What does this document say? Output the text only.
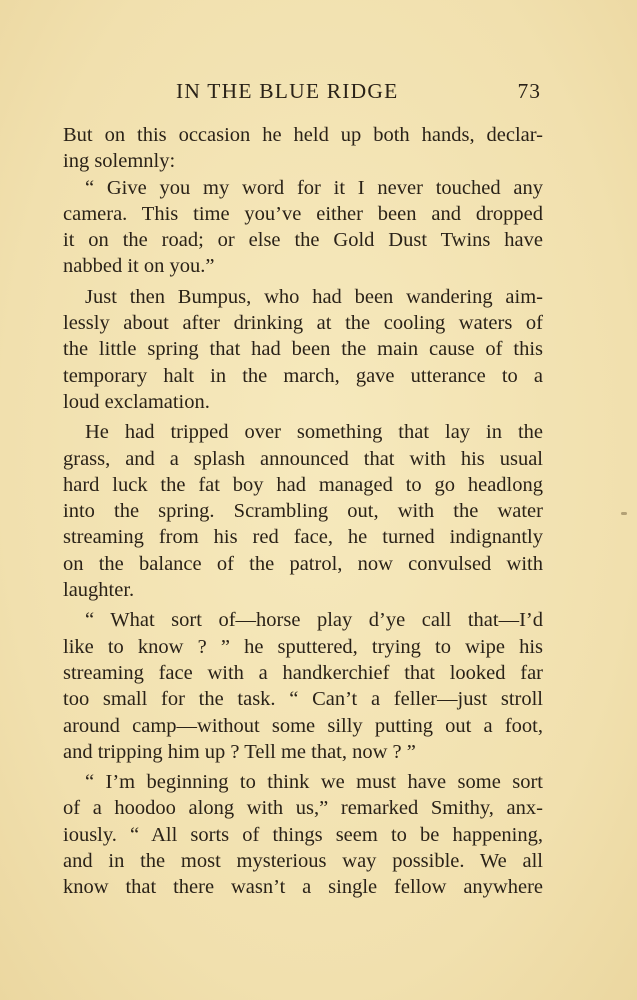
IN THE BLUE RIDGE	73
But on this occasion he held up both hands, declar-
ing solemnly:
“ Give you my word for it I never touched any
camera. This time you’ve either been and dropped
it on the road; or else the Gold Dust Twins have
nabbed it on you.”
Just then Bumpus, who had been wandering aim-
lessly about after drinking at the cooling waters of
the little spring that had been the main cause of this
temporary halt in the march, gave utterance to a
loud exclamation.
He had tripped over something that lay in the
grass, and a splash announced that with his usual
hard luck the fat boy had managed to go headlong
into the spring. Scrambling out, with the water
streaming from his red face, he turned indignantly
on the balance of the patrol, now convulsed with
laughter.
“ What sort of—horse play d’ye call that—I’d
like to know ? ” he sputtered, trying to wipe his
streaming face with a handkerchief that looked far
too small for the task. “ Can’t a feller—just stroll
around camp—without some silly putting out a foot,
and tripping him up ? Tell me that, now ? ”
“ I’m beginning to think we must have some sort
of a hoodoo along with us,” remarked Smithy, anx-
iously. “ All sorts of things seem to be happening,
and in the most mysterious way possible. We all
know that there wasn’t a single fellow anywhere
